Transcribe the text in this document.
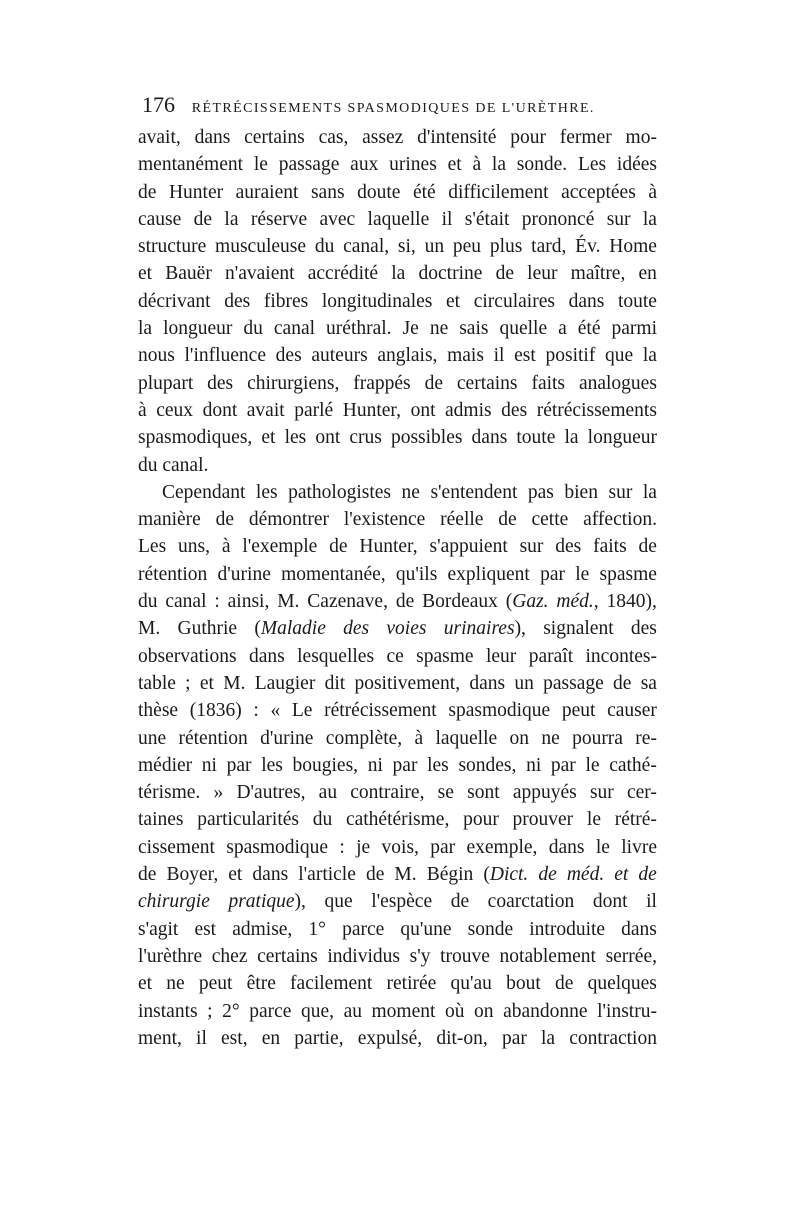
176 RÉTRÉCISSEMENTS SPASMODIQUES DE L'URÈTHRE.
avait, dans certains cas, assez d'intensité pour fermer mo-
mentanément le passage aux urines et à la sonde. Les idées
de Hunter auraient sans doute été difficilement acceptées à
cause de la réserve avec laquelle il s'était prononcé sur la
structure musculeuse du canal, si, un peu plus tard, Év. Home
et Bauër n'avaient accrédité la doctrine de leur maître, en
décrivant des fibres longitudinales et circulaires dans toute
la longueur du canal uréthral. Je ne sais quelle a été parmi
nous l'influence des auteurs anglais, mais il est positif que la
plupart des chirurgiens, frappés de certains faits analogues
à ceux dont avait parlé Hunter, ont admis des rétrécissements
spasmodiques, et les ont crus possibles dans toute la longueur
du canal.
Cependant les pathologistes ne s'entendent pas bien sur la
manière de démontrer l'existence réelle de cette affection.
Les uns, à l'exemple de Hunter, s'appuient sur des faits de
rétention d'urine momentanée, qu'ils expliquent par le spasme
du canal : ainsi, M. Cazenave, de Bordeaux (Gaz. méd., 1840),
M. Guthrie (Maladie des voies urinaires), signalent des
observations dans lesquelles ce spasme leur paraît incontes-
table ; et M. Laugier dit positivement, dans un passage de sa
thèse (1836) : « Le rétrécissement spasmodique peut causer
une rétention d'urine complète, à laquelle on ne pourra re-
médier ni par les bougies, ni par les sondes, ni par le cathé-
térisme. » D'autres, au contraire, se sont appuyés sur cer-
taines particularités du cathétérisme, pour prouver le rétré-
cissement spasmodique : je vois, par exemple, dans le livre
de Boyer, et dans l'article de M. Bégin (Dict. de méd. et de
chirurgie pratique), que l'espèce de coarctation dont il
s'agit est admise, 1° parce qu'une sonde introduite dans
l'urèthre chez certains individus s'y trouve notablement serrée,
et ne peut être facilement retirée qu'au bout de quelques
instants ; 2° parce que, au moment où on abandonne l'instru-
ment, il est, en partie, expulsé, dit-on, par la contraction
